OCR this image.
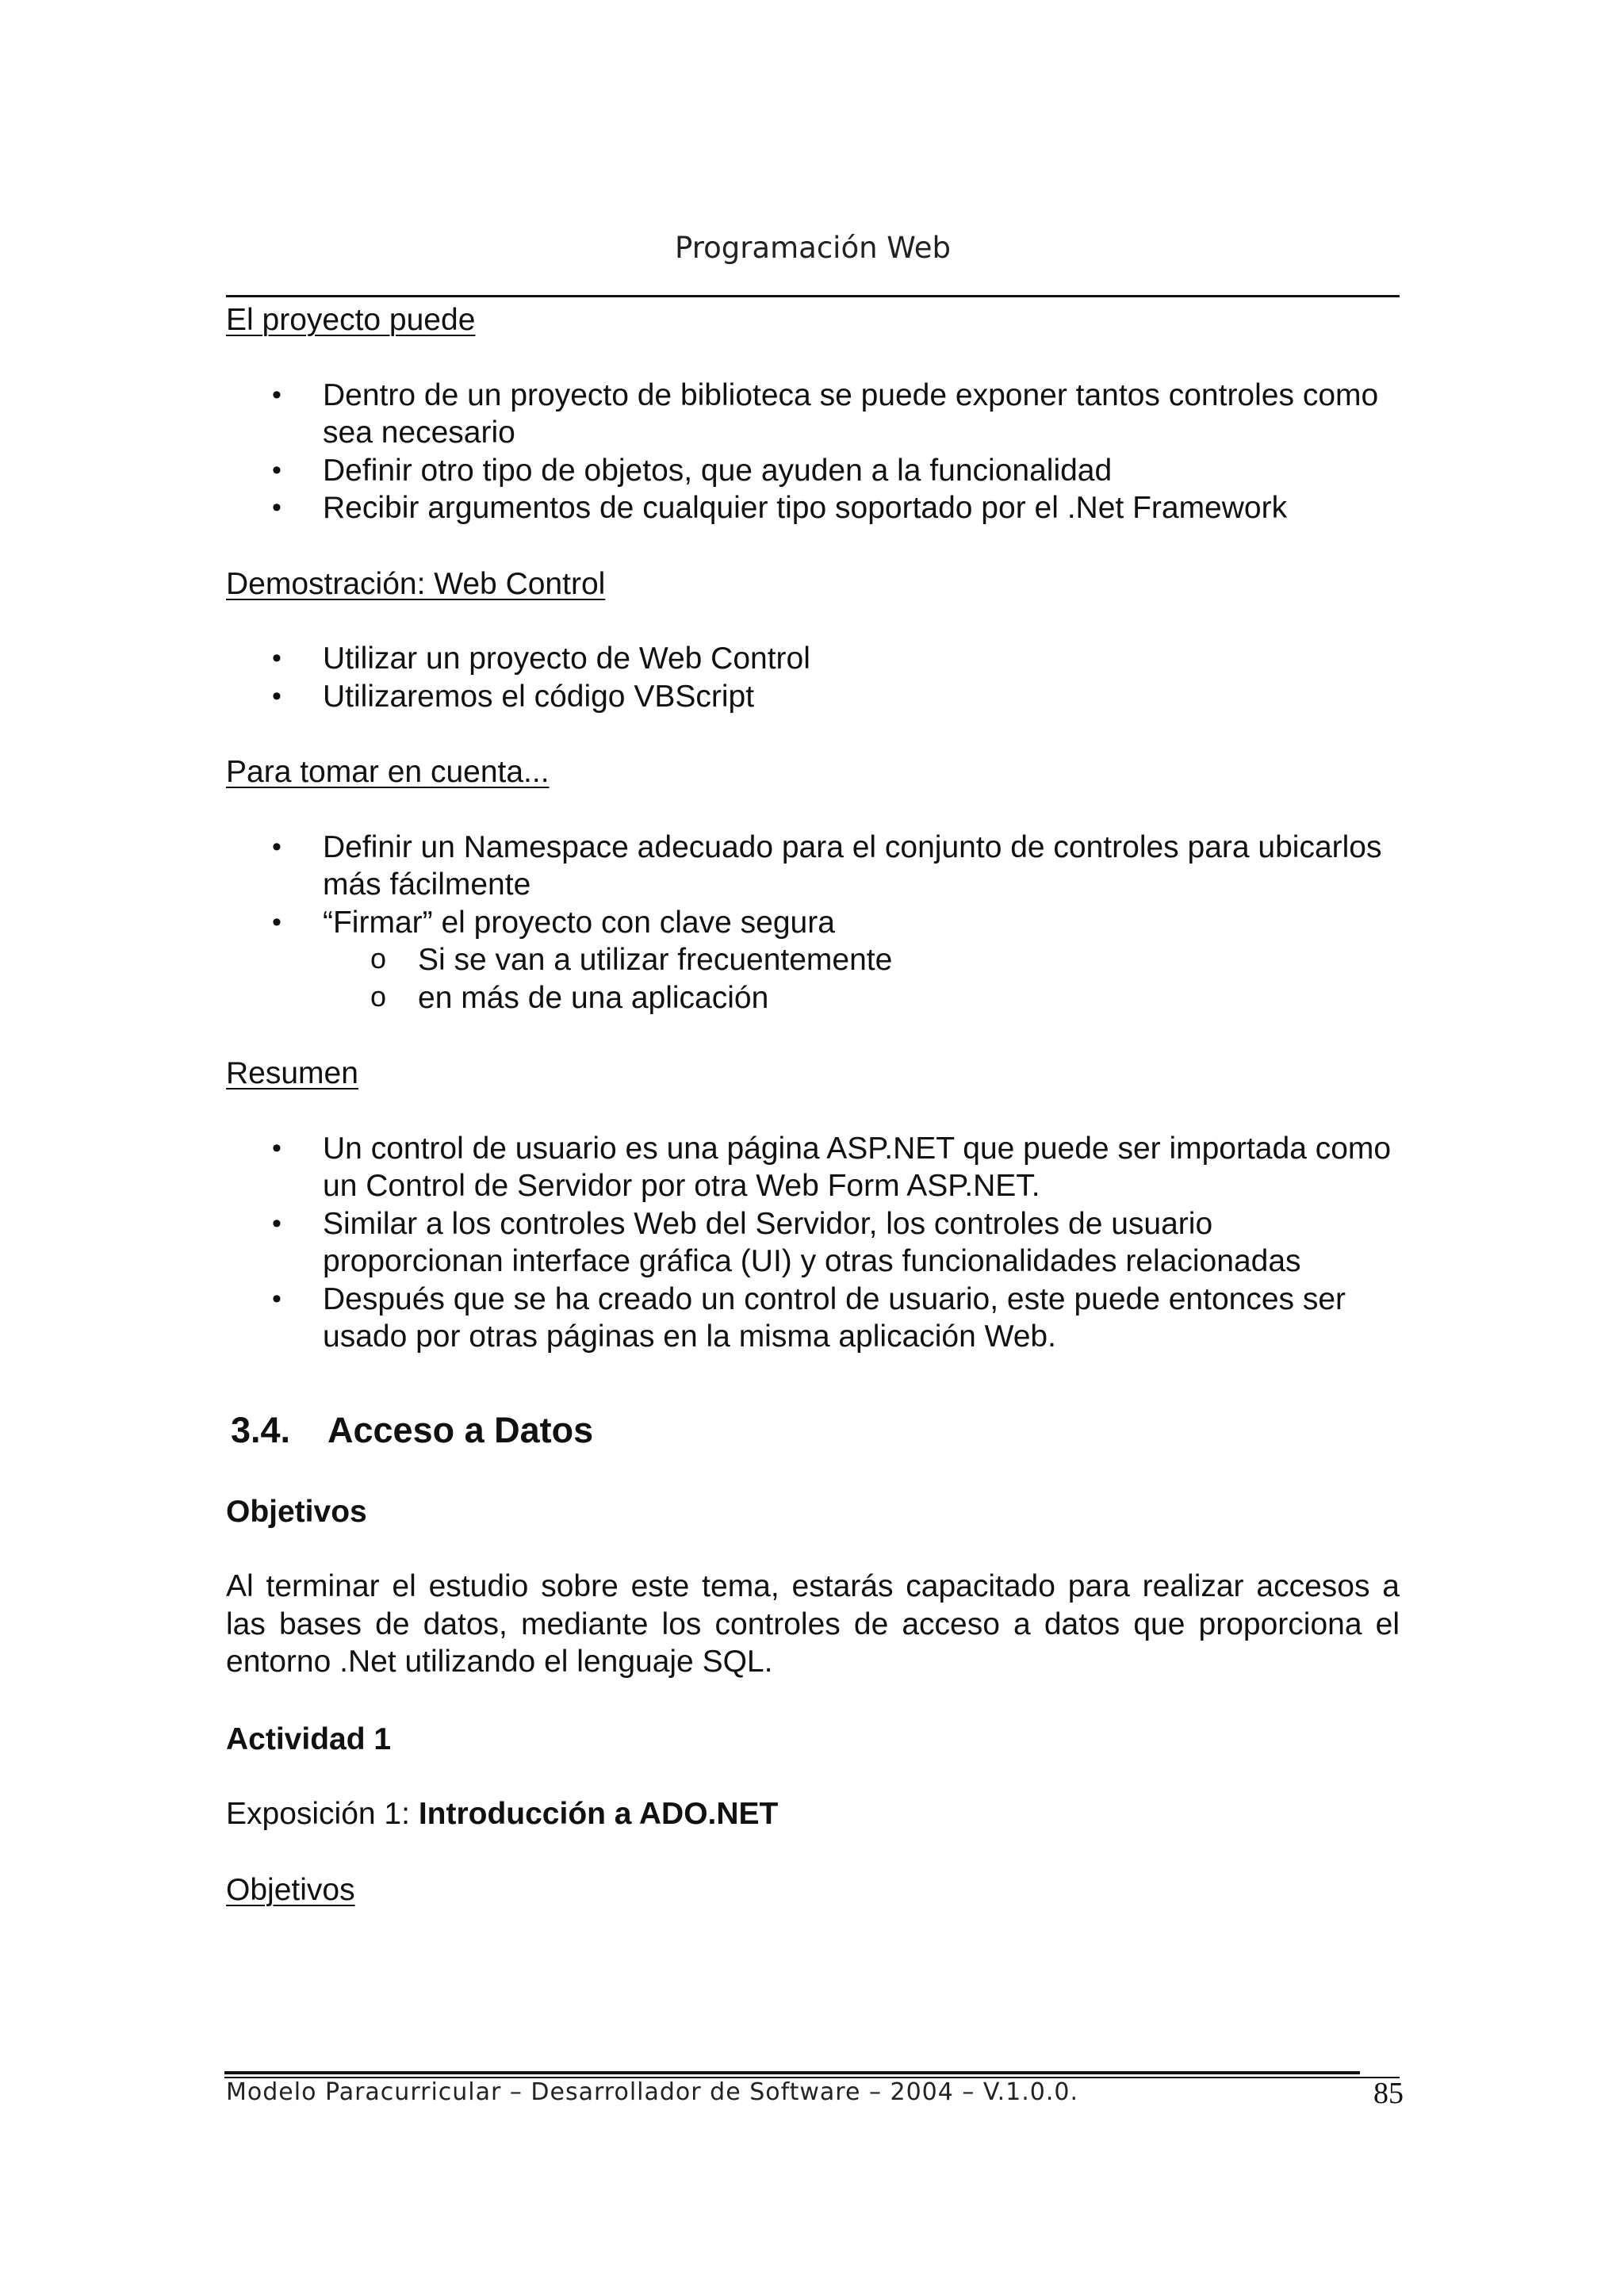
Programación Web
El proyecto puede
• Dentro de un proyecto de biblioteca se puede exponer tantos controles como sea necesario
• Definir otro tipo de objetos, que ayuden a la funcionalidad
• Recibir argumentos de cualquier tipo soportado por el .Net Framework
Demostración: Web Control
• Utilizar un proyecto de Web Control
• Utilizaremos el código VBScript
Para tomar en cuenta...
• Definir un Namespace adecuado para el conjunto de controles para ubicarlos más fácilmente
• “Firmar” el proyecto con clave segura
o Si se van a utilizar frecuentemente
o en más de una aplicación
Resumen
• Un control de usuario es una página ASP.NET que puede ser importada como un Control de Servidor por otra Web Form ASP.NET.
• Similar a los controles Web del Servidor, los controles de usuario proporcionan interface gráfica (UI) y otras funcionalidades relacionadas
• Después que se ha creado un control de usuario, este puede entonces ser usado por otras páginas en la misma aplicación Web.
3.4. Acceso a Datos
Objetivos

Al terminar el estudio sobre este tema, estarás capacitado para realizar accesos a las bases de datos, mediante los controles de acceso a datos que proporciona el entorno .Net utilizando el lenguaje SQL.

Actividad 1

Exposición 1: Introducción a ADO.NET

Objetivos
Modelo Paracurricular – Desarrollador de Software – 2004 – V.1.0.0.	85
